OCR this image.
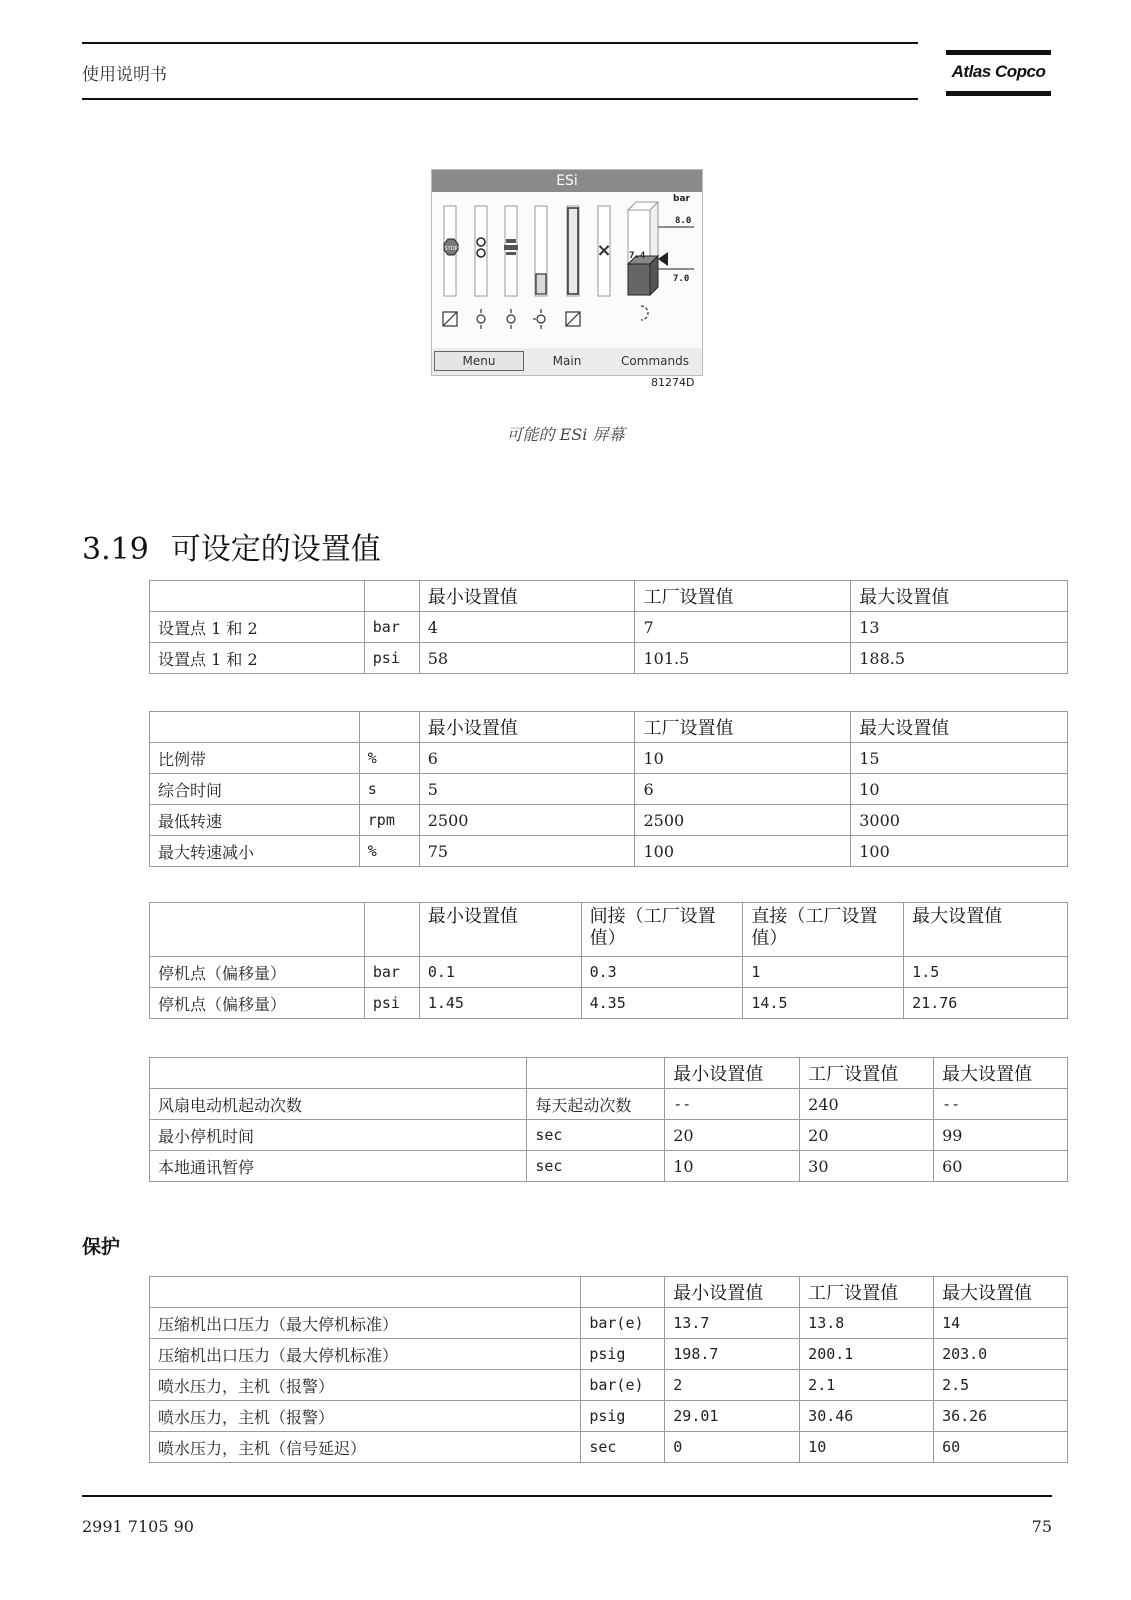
使用说明书	Atlas Copco
ESi
STOP	×
bar
8.0
7.4
7.0
Menu	Main	Commands
81274D
可能的 ESi 屏幕
3.19 可设定的设置值
		最小设置值	工厂设置值	最大设置值
设置点 1 和 2	bar	4	7	13
设置点 1 和 2	psi	58	101.5	188.5
		最小设置值	工厂设置值	最大设置值
比例带	%	6	10	15
综合时间	s	5	6	10
最低转速	rpm	2500	2500	3000
最大转速减小	%	75	100	100
		最小设置值	间接（工厂设置值）	直接（工厂设置值）	最大设置值
停机点（偏移量）	bar	0.1	0.3	1	1.5
停机点（偏移量）	psi	1.45	4.35	14.5	21.76
		最小设置值	工厂设置值	最大设置值
风扇电动机起动次数	每天起动次数	--	240	--
最小停机时间	sec	20	20	99
本地通讯暂停	sec	10	30	60
保护
		最小设置值	工厂设置值	最大设置值
压缩机出口压力（最大停机标准）	bar(e)	13.7	13.8	14
压缩机出口压力（最大停机标准）	psig	198.7	200.1	203.0
喷水压力，主机（报警）	bar(e)	2	2.1	2.5
喷水压力，主机（报警）	psig	29.01	30.46	36.26
喷水压力，主机（信号延迟）	sec	0	10	60
2991 7105 90	75
